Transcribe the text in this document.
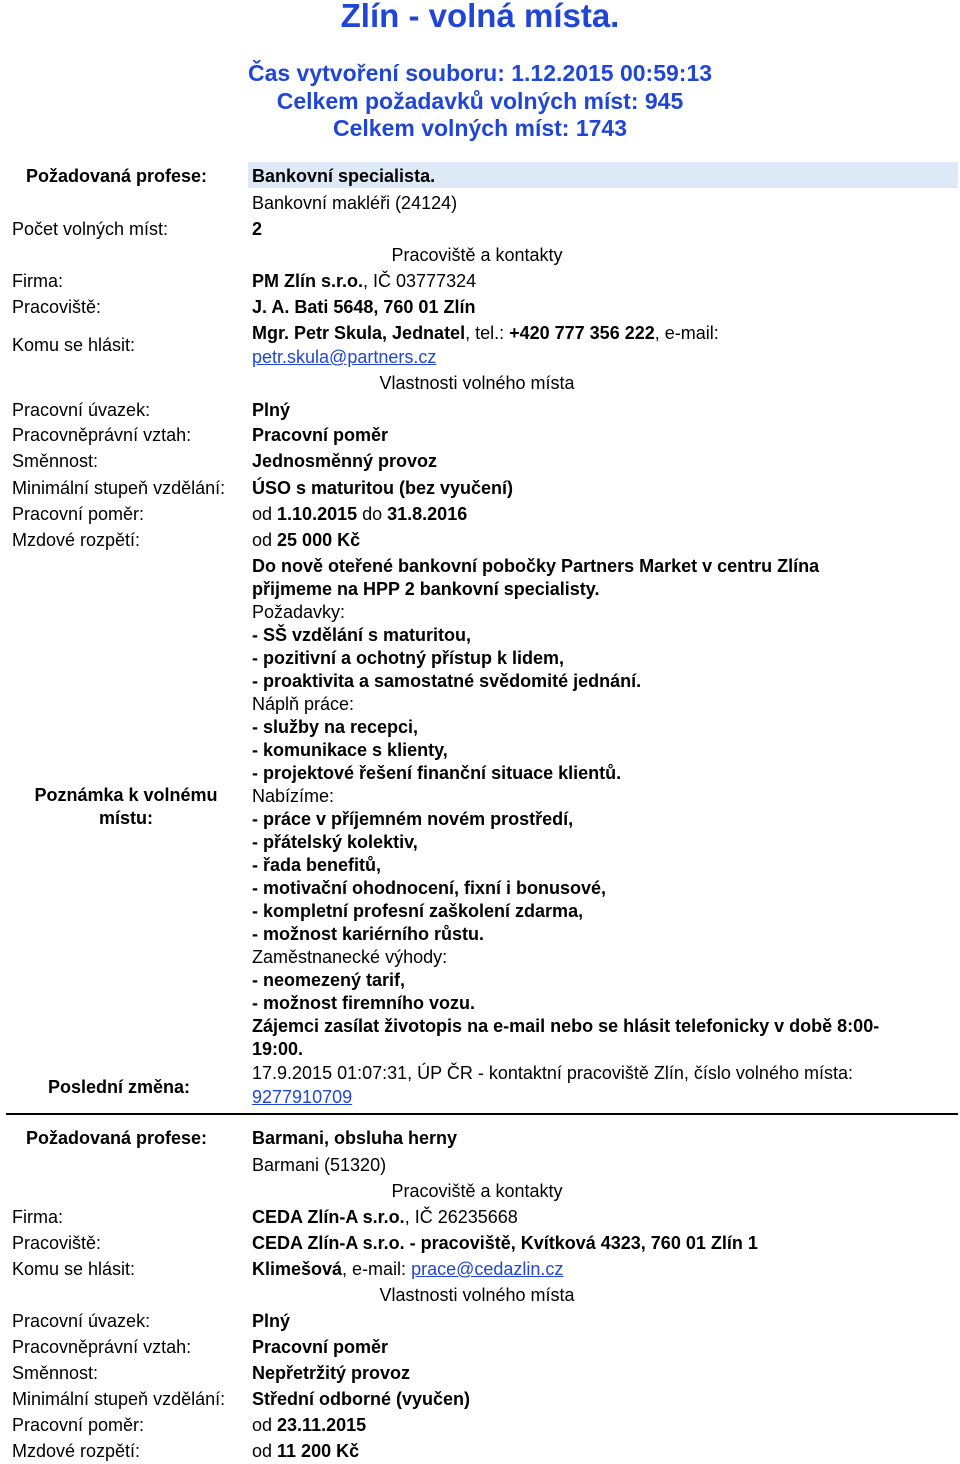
Zlín - volná místa.
Čas vytvoření souboru: 1.12.2015 00:59:13
Celkem požadavků volných míst: 945
Celkem volných míst: 1743
Požadovaná profese: Bankovní specialista.
Bankovní makléři (24124)
Počet volných míst:	2
Pracoviště a kontakty
Firma:	PM Zlín s.r.o., IČ 03777324
Pracoviště:	J. A. Bati 5648, 760 01 Zlín
Komu se hlásit:
Mgr. Petr Skula, Jednatel, tel.: +420 777 356 222, e-mail:
petr.skula@partners.cz
Vlastnosti volného místa
Pracovní úvazek:	Plný
Pracovněprávní vztah:	Pracovní poměr
Směnnost:	Jednosměnný provoz
Minimální stupeň vzdělání: ÚSO s maturitou (bez vyučení)
Pracovní poměr:	od 1.10.2015 do 31.8.2016
Mzdové rozpětí:	od 25 000 Kč
Poznámka k volnému místu:
Do nově oteřené bankovní pobočky Partners Market v centru Zlína
přijmeme na HPP 2 bankovní specialisty.
Požadavky:
- SŠ vzdělání s maturitou,
- pozitivní a ochotný přístup k lidem,
- proaktivita a samostatné svědomité jednání.
Náplň práce:
- služby na recepci,
- komunikace s klienty,
- projektové řešení finanční situace klientů.
Nabízíme:
- práce v příjemném novém prostředí,
- přátelský kolektiv,
- řada benefitů,
- motivační ohodnocení, fixní i bonusové,
- kompletní profesní zaškolení zdarma,
- možnost kariérního růstu.
Zaměstnanecké výhody:
- neomezený tarif,
- možnost firemního vozu.
Zájemci zasílat životopis na e-mail nebo se hlásit telefonicky v době 8:00-
19:00.
Poslední změna:
17.9.2015 01:07:31, ÚP ČR - kontaktní pracoviště Zlín, číslo volného místa:
9277910709
Požadovaná profese: Barmani, obsluha herny
Barmani (51320)
Pracoviště a kontakty
Firma:	CEDA Zlín-A s.r.o., IČ 26235668
Pracoviště:	CEDA Zlín-A s.r.o. - pracoviště, Kvítková 4323, 760 01 Zlín 1
Komu se hlásit:	Klimešová, e-mail: prace@cedazlin.cz
Vlastnosti volného místa
Pracovní úvazek:	Plný
Pracovněprávní vztah:	Pracovní poměr
Směnnost:	Nepřetržitý provoz
Minimální stupeň vzdělání: Střední odborné (vyučen)
Pracovní poměr:	od 23.11.2015
Mzdové rozpětí:	od 11 200 Kč
